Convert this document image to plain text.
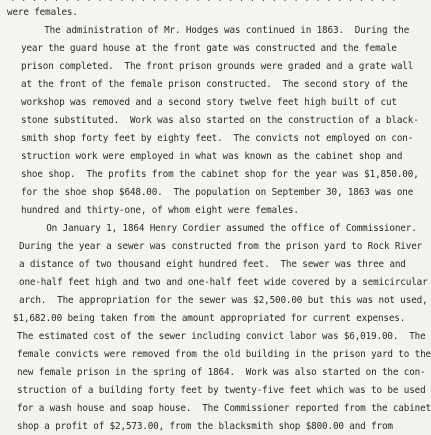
were females.

The administration of Mr. Hodges was continued in 1863.  During the

year the guard house at the front gate was constructed and the female

prison completed.  The front prison grounds were graded and a grate wall

at the front of the female prison constructed.  The second story of the

workshop was removed and a second story twelve feet high built of cut

stone substituted.  Work was also started on the construction of a black-

smith shop forty feet by eighty feet.  The convicts not employed on con-

struction work were employed in what was known as the cabinet shop and

shoe shop.  The profits from the cabinet shop for the year was $1,850.00,

for the shoe shop $648.00.  The population on September 30, 1863 was one

hundred and thirty-one, of whom eight were females.

On January 1, 1864 Henry Cordier assumed the office of Commissioner.

During the year a sewer was constructed from the prison yard to Rock River

a distance of two thousand eight hundred feet.  The sewer was three and

one-half feet high and two and one-half feet wide covered by a semicircular

arch.  The appropriation for the sewer was $2,500.00 but this was not used,

$1,682.00 being taken from the amount appropriated for current expenses.

The estimated cost of the sewer including convict labor was $6,019.00.  The

female convicts were removed from the old building in the prison yard to the

new female prison in the spring of 1864.  Work was also started on the con-

struction of a building forty feet by twenty-five feet which was to be used

for a wash house and soap house.  The Commissioner reported from the cabinet

shop a profit of $2,573.00, from the blacksmith shop $800.00 and from
